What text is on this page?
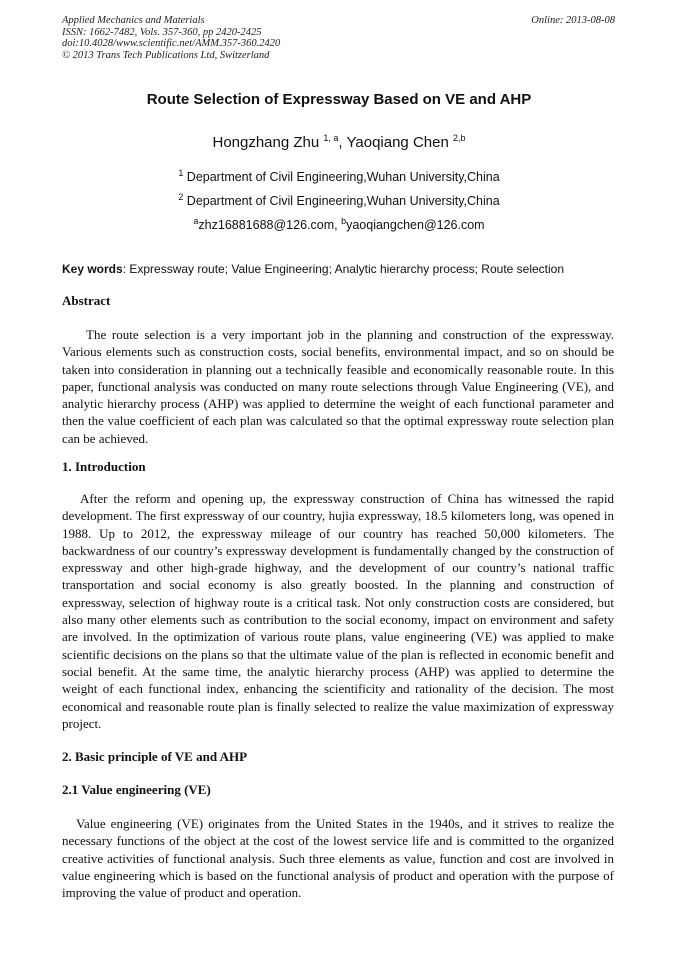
Applied Mechanics and Materials
ISSN: 1662-7482, Vols. 357-360, pp 2420-2425
doi:10.4028/www.scientific.net/AMM.357-360.2420
© 2013 Trans Tech Publications Ltd, Switzerland
Online: 2013-08-08
Route Selection of Expressway Based on VE and AHP
Hongzhang Zhu $^{1, a}$, Yaoqiang Chen $^{2,b}$
$^1$ Department of Civil Engineering,Wuhan University,China
$^2$ Department of Civil Engineering,Wuhan University,China
$^a$zhz16881688@126.com, $^b$yaoqiangchen@126.com
Key words: Expressway route; Value Engineering; Analytic hierarchy process; Route selection
Abstract
The route selection is a very important job in the planning and construction of the expressway. Various elements such as construction costs, social benefits, environmental impact, and so on should be taken into consideration in planning out a technically feasible and economically reasonable route. In this paper, functional analysis was conducted on many route selections through Value Engineering (VE), and analytic hierarchy process (AHP) was applied to determine the weight of each functional parameter and then the value coefficient of each plan was calculated so that the optimal expressway route selection plan can be achieved.
1. Introduction
After the reform and opening up, the expressway construction of China has witnessed the rapid development. The first expressway of our country, hujia expressway, 18.5 kilometers long, was opened in 1988. Up to 2012, the expressway mileage of our country has reached 50,000 kilometers. The backwardness of our country’s expressway development is fundamentally changed by the construction of expressway and other high-grade highway, and the development of our country’s national traffic transportation and social economy is also greatly boosted. In the planning and construction of expressway, selection of highway route is a critical task. Not only construction costs are considered, but also many other elements such as contribution to the social economy, impact on environment and safety are involved. In the optimization of various route plans, value engineering (VE) was applied to make scientific decisions on the plans so that the ultimate value of the plan is reflected in economic benefit and social benefit. At the same time, the analytic hierarchy process (AHP) was applied to determine the weight of each functional index, enhancing the scientificity and rationality of the decision. The most economical and reasonable route plan is finally selected to realize the value maximization of expressway project.
2. Basic principle of VE and AHP
2.1 Value engineering (VE)
Value engineering (VE) originates from the United States in the 1940s, and it strives to realize the necessary functions of the object at the cost of the lowest service life and is committed to the organized creative activities of functional analysis. Such three elements as value, function and cost are involved in value engineering which is based on the functional analysis of product and operation with the purpose of improving the value of product and operation.
